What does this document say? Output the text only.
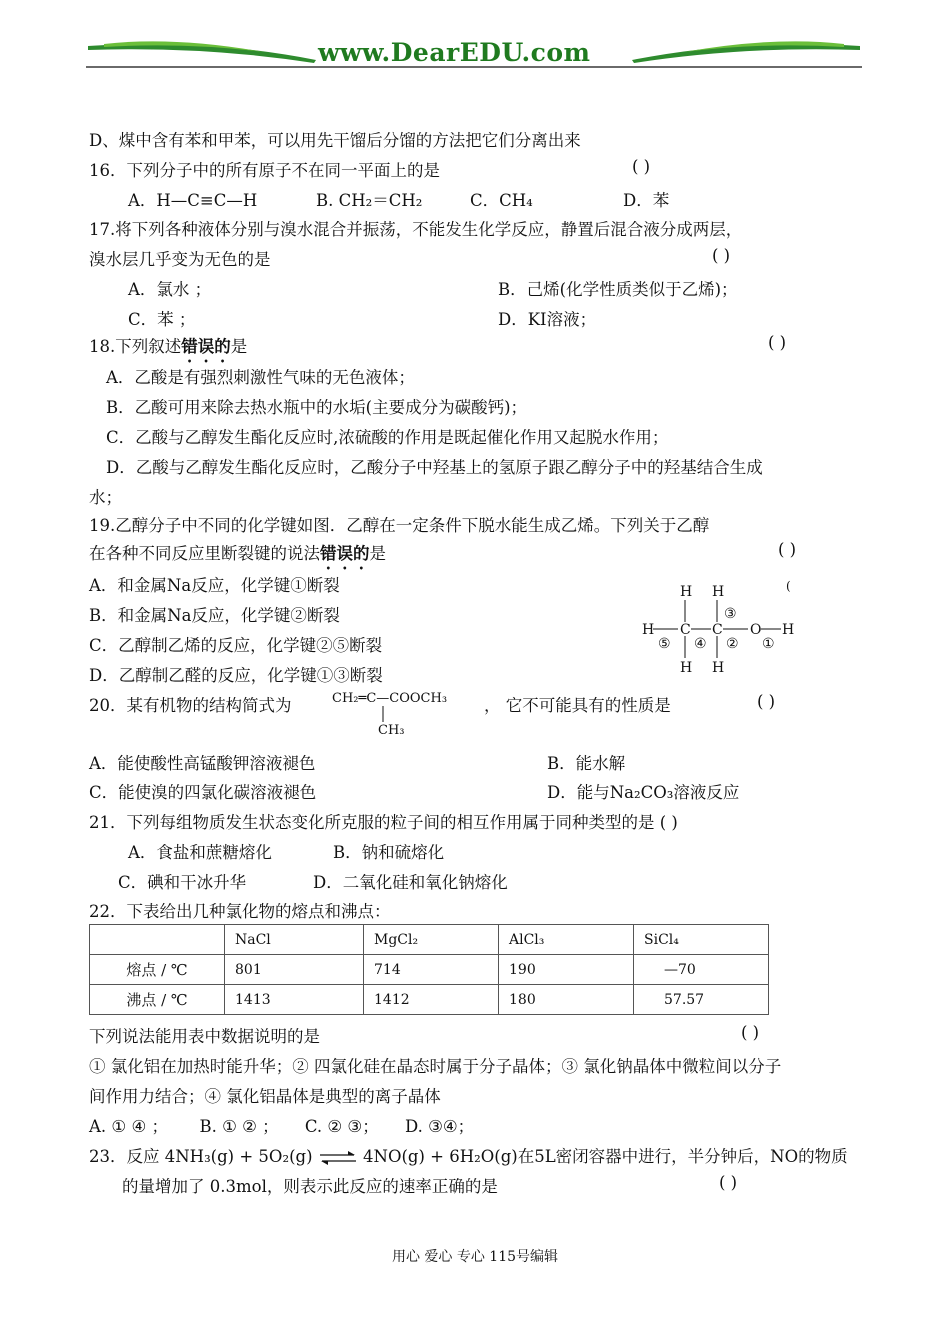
www.DearEDU.com
D、煤中含有苯和甲苯，可以用先干馏后分馏的方法把它们分离出来
16．下列分子中的所有原子不在同一平面上的是	( )
A．H—C≡C—H	B. CH₂＝CH₂	C．CH₄	D．苯
17.将下列各种液体分别与溴水混合并振荡，不能发生化学反应，静置后混合液分成两层，
溴水层几乎变为无色的是	( )
A．氯水 ；	B．己烯(化学性质类似于乙烯)；
C．苯 ；	D．KI溶液；
18.下列叙述错误的是	( )
A．乙酸是有强烈刺激性气味的无色液体；
B．乙酸可用来除去热水瓶中的水垢(主要成分为碳酸钙)；
C．乙酸与乙醇发生酯化反应时,浓硫酸的作用是既起催化作用又起脱水作用；
D．乙酸与乙醇发生酯化反应时，乙酸分子中羟基上的氢原子跟乙醇分子中的羟基结合生成
水；
19.乙醇分子中不同的化学键如图．乙醇在一定条件下脱水能生成乙烯。下列关于乙醇
在各种不同反应里断裂键的说法错误的是	( )
A．和金属Na反应，化学键①断裂
B．和金属Na反应，化学键②断裂
C．乙醇制乙烯的反应，化学键②⑤断裂
D．乙醇制乙醛的反应，化学键①③断裂
H H	(
③
H C C O H
⑤ ④ ② ①
H H
20．某有机物的结构简式为	CH₂═C—COOCH₃
CH₃
， 它不可能具有的性质是	( )
A．能使酸性高锰酸钾溶液褪色	B．能水解
C．能使溴的四氯化碳溶液褪色	D．能与Na₂CO₃溶液反应
21．下列每组物质发生状态变化所克服的粒子间的相互作用属于同种类型的是 ( )
A．食盐和蔗糖熔化	B．钠和硫熔化
C．碘和干冰升华	D．二氧化硅和氧化钠熔化
22．下表给出几种氯化物的熔点和沸点：
	NaCl	MgCl₂	AlCl₃	SiCl₄
熔点 / ℃	801	714	190	—70
沸点 / ℃	1413	1412	180	57.57
下列说法能用表中数据说明的是	( )
① 氯化铝在加热时能升华；② 四氯化硅在晶态时属于分子晶体；③ 氯化钠晶体中微粒间以分子
间作用力结合；④ 氯化铝晶体是典型的离子晶体
A. ① ④ ；      B. ① ② ；     C. ② ③；     D. ③④；
23．反应 4NH₃(g) + 5O₂(g) ⇌ 4NO(g) + 6H₂O(g)在5L密闭容器中进行，半分钟后，NO的物质
的量增加了 0.3mol，则表示此反应的速率正确的是	( )
用心 爱心 专心 115号编辑
